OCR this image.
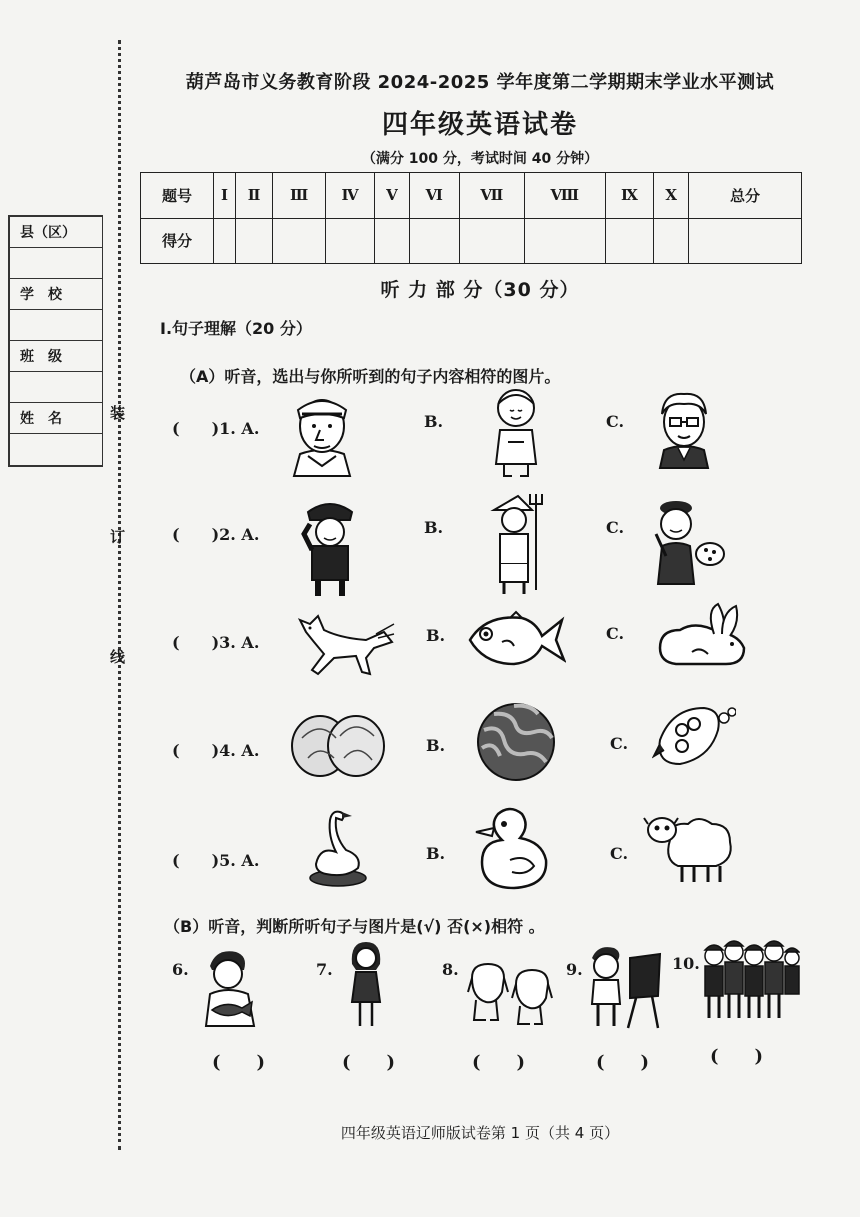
装
订
线
县（区）
学　校
班　级
姓　名
葫芦岛市义务教育阶段 2024-2025 学年度第二学期期末学业水平测试
四年级英语试卷
（满分 100 分，考试时间 40 分钟）
题号	Ⅰ	Ⅱ	Ⅲ	Ⅳ	Ⅴ	Ⅵ	Ⅶ	Ⅷ	Ⅸ	Ⅹ	总分
得分											
听 力 部 分（30 分）
Ⅰ.句子理解（20 分）
（A）听音，选出与你所听到的句子内容相符的图片。
(　　)1. A.	B.	C.
(　　)2. A.	B.	C.
(　　)3. A.	B.	C.
(　　)4. A.	B.	C.
(　　)5. A.	B.	C.
（B）听音，判断所听句子与图片是(√) 否(×)相符 。
6.
(　　)
7.
(　　)
8.
(　　)
9.
(　　)
10.
(　　)
四年级英语辽师版试卷第 1 页（共 4 页）
